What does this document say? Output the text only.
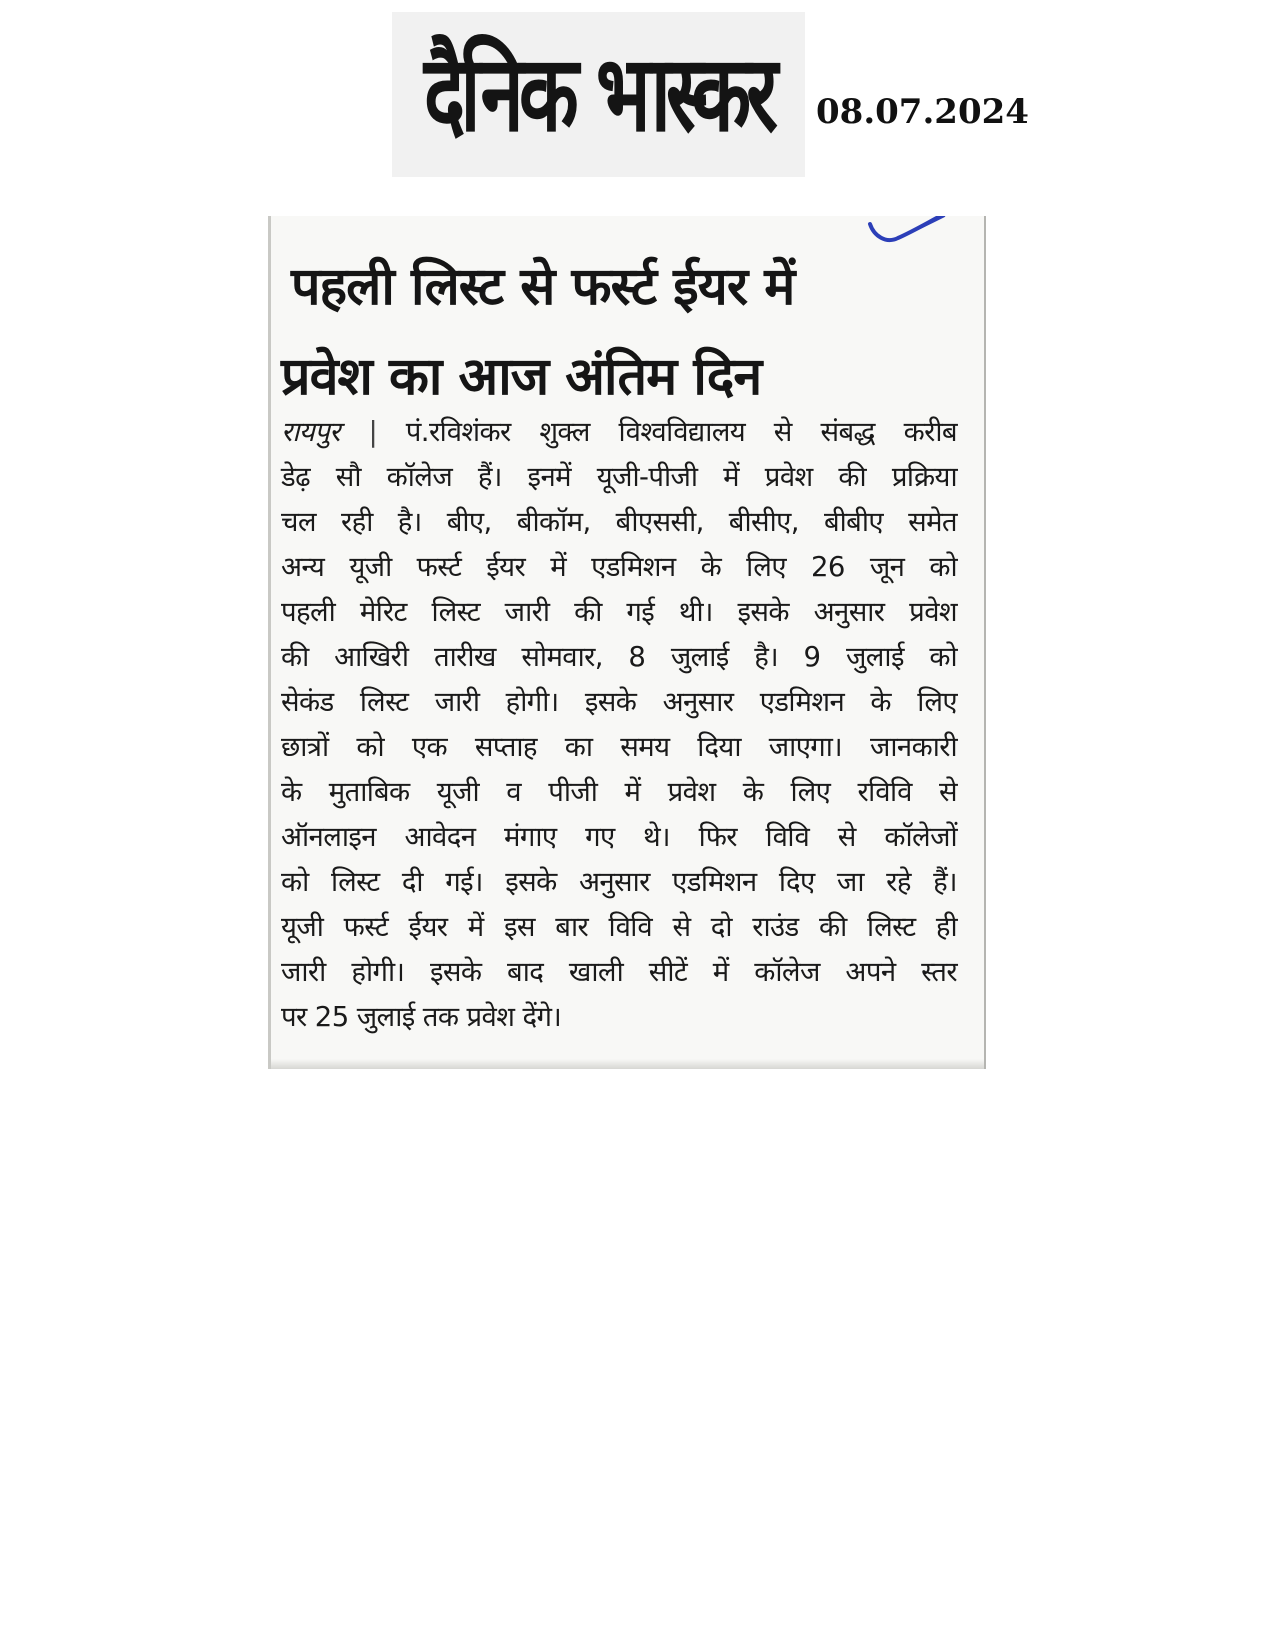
दैनिक भास्कर 08.07.2024
पहली लिस्ट से फर्स्ट ईयर में
प्रवेश का आज अंतिम दिन
रायपुर | पं.रविशंकर शुक्ल विश्वविद्यालय से संबद्ध करीब
डेढ़ सौ कॉलेज हैं। इनमें यूजी-पीजी में प्रवेश की प्रक्रिया
चल रही है। बीए, बीकॉम, बीएससी, बीसीए, बीबीए समेत
अन्य यूजी फर्स्ट ईयर में एडमिशन के लिए 26 जून को
पहली मेरिट लिस्ट जारी की गई थी। इसके अनुसार प्रवेश
की आखिरी तारीख सोमवार, 8 जुलाई है। 9 जुलाई को
सेकंड लिस्ट जारी होगी। इसके अनुसार एडमिशन के लिए
छात्रों को एक सप्ताह का समय दिया जाएगा। जानकारी
के मुताबिक यूजी व पीजी में प्रवेश के लिए रविवि से
ऑनलाइन आवेदन मंगाए गए थे। फिर विवि से कॉलेजों
को लिस्ट दी गई। इसके अनुसार एडमिशन दिए जा रहे हैं।
यूजी फर्स्ट ईयर में इस बार विवि से दो राउंड की लिस्ट ही
जारी होगी। इसके बाद खाली सीटें में कॉलेज अपने स्तर
पर 25 जुलाई तक प्रवेश देंगे।
